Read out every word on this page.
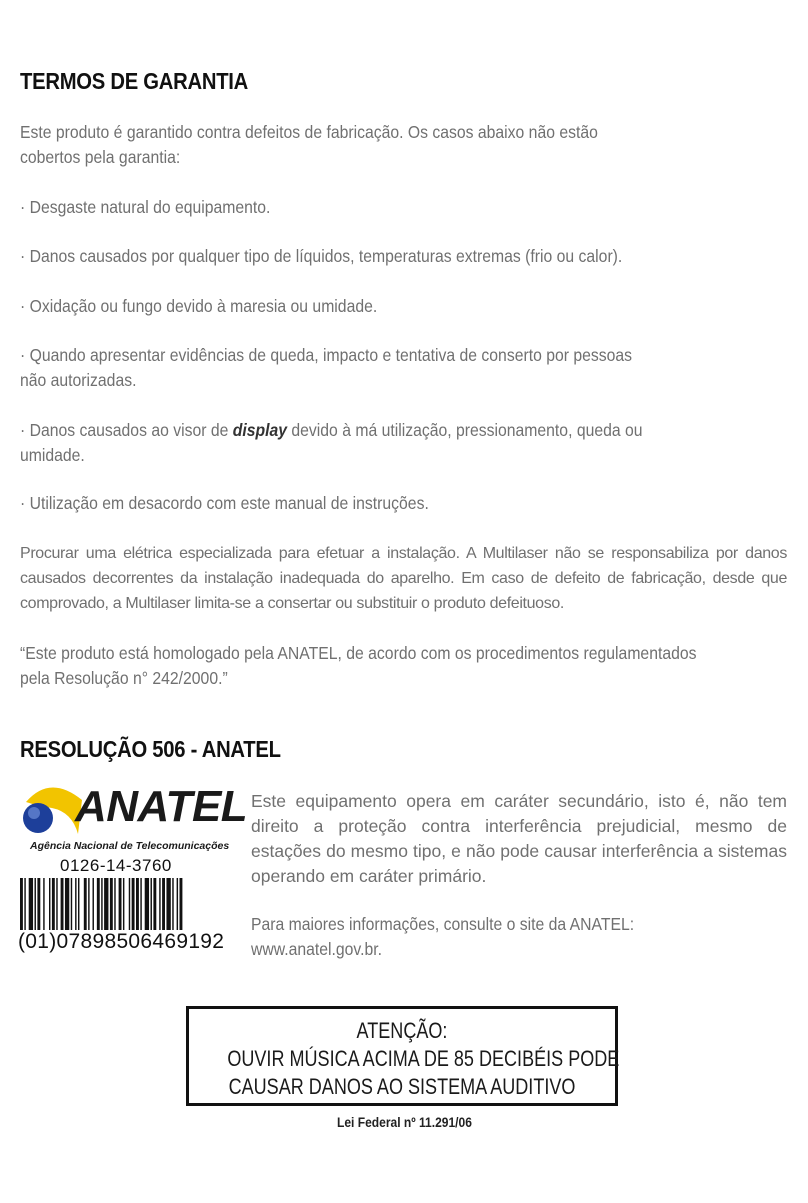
TERMOS DE GARANTIA
Este produto é garantido contra defeitos de fabricação. Os casos abaixo não estão
cobertos pela garantia:
· Desgaste natural do equipamento.
· Danos causados por qualquer tipo de líquidos, temperaturas extremas (frio ou calor).
· Oxidação ou fungo devido à maresia ou umidade.
· Quando apresentar evidências de queda, impacto e tentativa de conserto por pessoas
não autorizadas.
· Danos causados ao visor de display devido à má utilização, pressionamento, queda ou
umidade.
· Utilização em desacordo com este manual de instruções.
Procurar uma elétrica especializada para efetuar a instalação. A Multilaser não se responsabiliza por danos causados decorrentes da instalação inadequada do aparelho. Em caso de defeito de fabricação, desde que comprovado, a Multilaser limita-se a consertar ou substituir o produto defeituoso.
“Este produto está homologado pela ANATEL, de acordo com os procedimentos regulamentados
pela Resolução n° 242/2000.”
RESOLUÇÃO 506 - ANATEL
ANATEL
Agência Nacional de Telecomunicações
0126-14-3760
(01)07898506469192
Este equipamento opera em caráter secundário, isto é, não tem direito a proteção contra interferência prejudicial, mesmo de estações do mesmo tipo, e não pode causar interferência a sistemas operando em caráter primário.
Para maiores informações, consulte o site da ANATEL:
www.anatel.gov.br.
ATENÇÃO:
OUVIR MÚSICA ACIMA DE 85 DECIBÉIS PODE
CAUSAR DANOS AO SISTEMA AUDITIVO
Lei Federal nº 11.291/06
